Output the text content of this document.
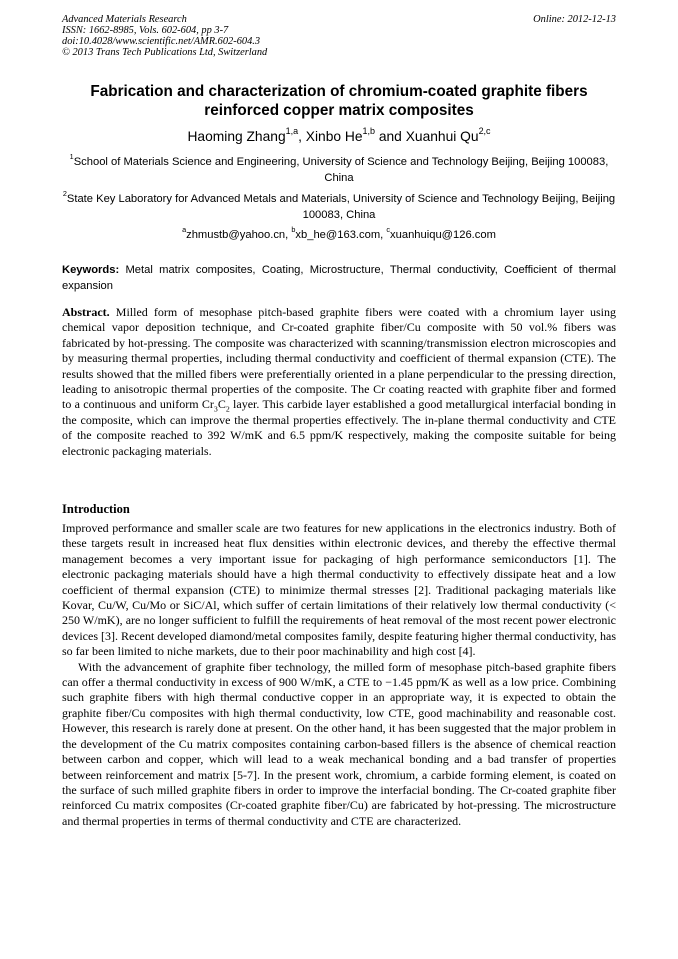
Advanced Materials Research
ISSN: 1662-8985, Vols. 602-604, pp 3-7
doi:10.4028/www.scientific.net/AMR.602-604.3
© 2013 Trans Tech Publications Ltd, Switzerland
Online: 2012-12-13
Fabrication and characterization of chromium-coated graphite fibers
reinforced copper matrix composites
Haoming Zhang$^{1,a}$, Xinbo He$^{1,b}$ and Xuanhui Qu$^{2,c}$
$^1$School of Materials Science and Engineering, University of Science and Technology Beijing, Beijing 100083, China
$^2$State Key Laboratory for Advanced Metals and Materials, University of Science and Technology Beijing, Beijing 100083, China
$^a$zhmustb@yahoo.cn, $^b$xb_he@163.com, $^c$xuanhuiqu@126.com
Keywords: Metal matrix composites, Coating, Microstructure, Thermal conductivity, Coefficient of thermal expansion
Abstract. Milled form of mesophase pitch-based graphite fibers were coated with a chromium layer using chemical vapor deposition technique, and Cr-coated graphite fiber/Cu composite with 50 vol.% fibers was fabricated by hot-pressing. The composite was characterized with scanning/transmission electron microscopies and by measuring thermal properties, including thermal conductivity and coefficient of thermal expansion (CTE). The results showed that the milled fibers were preferentially oriented in a plane perpendicular to the pressing direction, leading to anisotropic thermal properties of the composite. The Cr coating reacted with graphite fiber and formed to a continuous and uniform $Cr_3C_2$ layer. This carbide layer established a good metallurgical interfacial bonding in the composite, which can improve the thermal properties effectively. The in-plane thermal conductivity and CTE of the composite reached to 392 W/mK and 6.5 ppm/K respectively, making the composite suitable for being electronic packaging materials.
Introduction

Improved performance and smaller scale are two features for new applications in the electronics industry. Both of these targets result in increased heat flux densities within electronic devices, and thereby the effective thermal management becomes a very important issue for packaging of high performance semiconductors [1]. The electronic packaging materials should have a high thermal conductivity to effectively dissipate heat and a low coefficient of thermal expansion (CTE) to minimize thermal stresses [2]. Traditional packaging materials like Kovar, Cu/W, Cu/Mo or SiC/Al, which suffer of certain limitations of their relatively low thermal conductivity (< 250 W/mK), are no longer sufficient to fulfill the requirements of heat removal of the most recent power electronic devices [3]. Recent developed diamond/metal composites family, despite featuring higher thermal conductivity, has so far been limited to niche markets, due to their poor machinability and high cost [4].

With the advancement of graphite fiber technology, the milled form of mesophase pitch-based graphite fibers can offer a thermal conductivity in excess of 900 W/mK, a CTE to −1.45 ppm/K as well as a low price. Combining such graphite fibers with high thermal conductive copper in an appropriate way, it is expected to obtain the graphite fiber/Cu composites with high thermal conductivity, low CTE, good machinability and reasonable cost. However, this research is rarely done at present. On the other hand, it has been suggested that the major problem in the development of the Cu matrix composites containing carbon-based fillers is the absence of chemical reaction between carbon and copper, which will lead to a weak mechanical bonding and a bad transfer of properties between reinforcement and matrix [5-7]. In the present work, chromium, a carbide forming element, is coated on the surface of such milled graphite fibers in order to improve the interfacial bonding. The Cr-coated graphite fiber reinforced Cu matrix composites (Cr-coated graphite fiber/Cu) are fabricated by hot-pressing. The microstructure and thermal properties in terms of thermal conductivity and CTE are characterized.
